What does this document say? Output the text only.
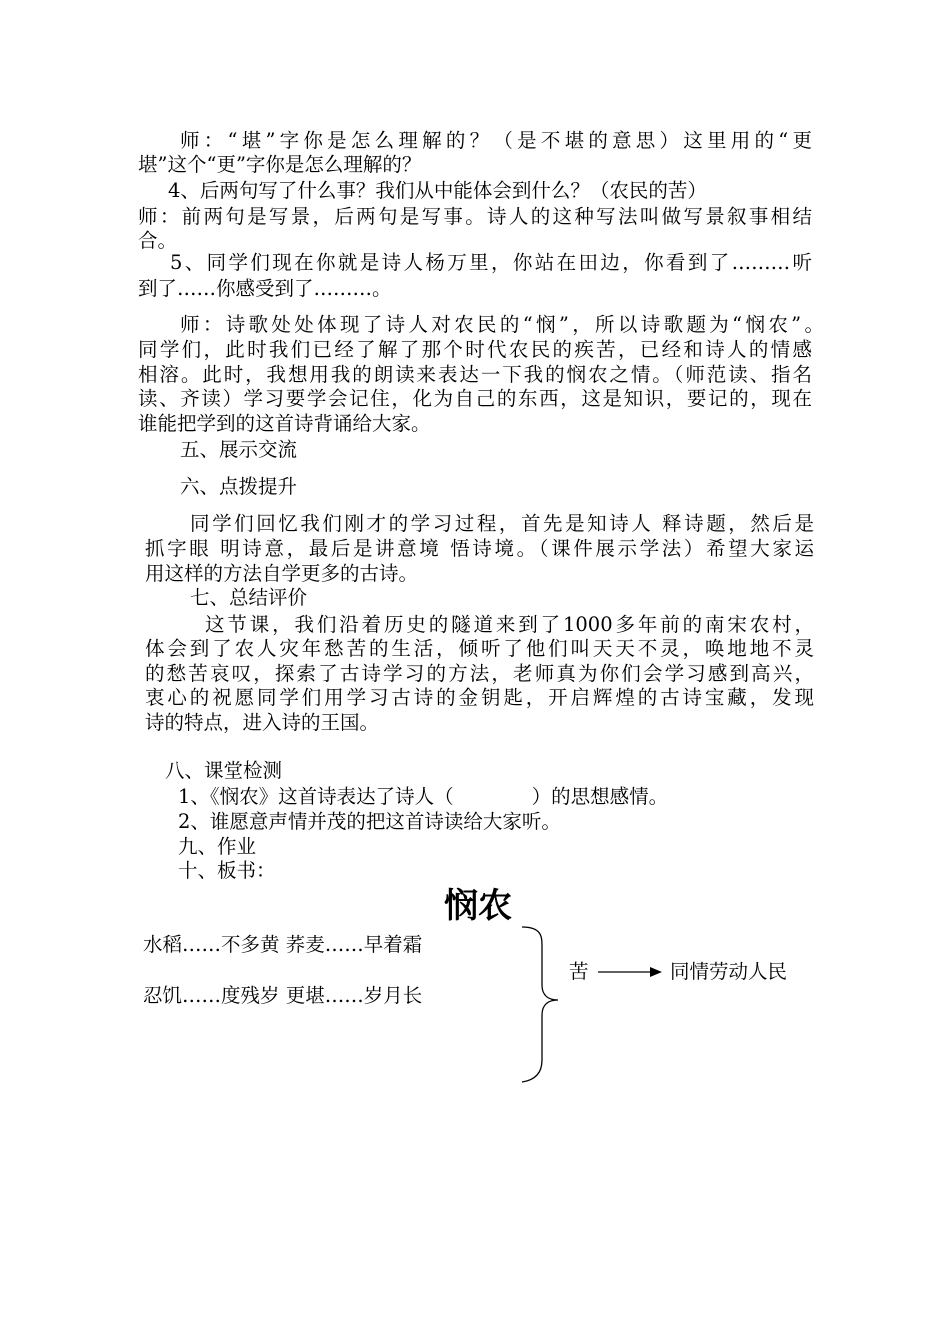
师：“堪”字你是怎么理解的？（是不堪的意思）这里用的“更
堪”这个“更”字你是怎么理解的？
4、后两句写了什么事？我们从中能体会到什么？（农民的苦）
师：前两句是写景，后两句是写事。诗人的这种写法叫做写景叙事相结
合。
5、同学们现在你就是诗人杨万里，你站在田边，你看到了………听
到了……你感受到了………。
师：诗歌处处体现了诗人对农民的“悯”，所以诗歌题为“悯农”。
同学们，此时我们已经了解了那个时代农民的疾苦，已经和诗人的情感
相溶。此时，我想用我的朗读来表达一下我的悯农之情。（师范读、指名
读、齐读）学习要学会记住，化为自己的东西，这是知识，要记的，现在
谁能把学到的这首诗背诵给大家。
五、展示交流
六、点拨提升
同学们回忆我们刚才的学习过程，首先是知诗人 释诗题，然后是
抓字眼 明诗意，最后是讲意境 悟诗境。（课件展示学法）希望大家运
用这样的方法自学更多的古诗。
七、总结评价
这节课，我们沿着历史的隧道来到了1000多年前的南宋农村，
体会到了农人灾年愁苦的生活，倾听了他们叫天天不灵，唤地地不灵
的愁苦哀叹，探索了古诗学习的方法，老师真为你们会学习感到高兴，
衷心的祝愿同学们用学习古诗的金钥匙，开启辉煌的古诗宝藏，发现
诗的特点，进入诗的王国。
八、课堂检测
1、《悯农》这首诗表达了诗人（　　　　）的思想感情。
2、谁愿意声情并茂的把这首诗读给大家听。
九、作业
十、板书：
悯农
水稻……不多黄 荞麦……早着霜
忍饥……度残岁 更堪……岁月长
苦	同情劳动人民
